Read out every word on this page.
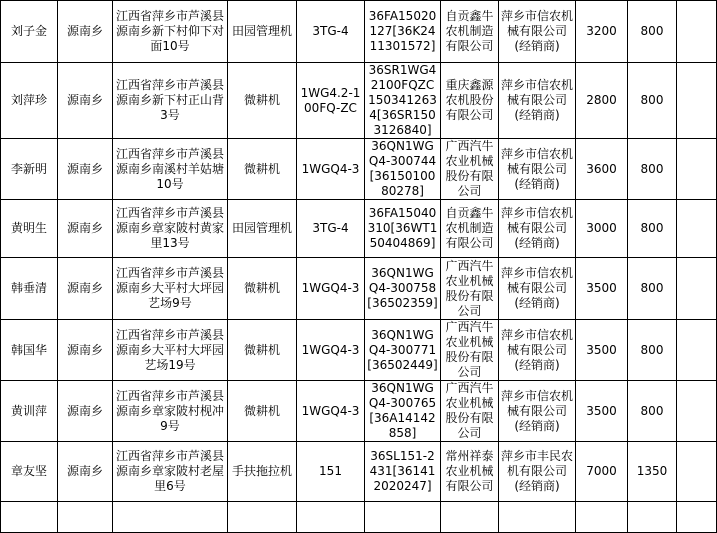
刘子金	源南乡	江西省萍乡市芦溪县源南乡新下村仰下对面10号	田园管理机	3TG-4	36FA15020127[36K2411301572]	自贡鑫牛农机制造有限公司	萍乡市信农机械有限公司(经销商)	3200	800	
刘萍珍	源南乡	江西省萍乡市芦溪县源南乡新下村正山背3号	微耕机	1WG4.2-100FQ-ZC	36SR1WG42100FQZC1503412634[36SR1503126840]	重庆鑫源农机股份有限公司	萍乡市信农机械有限公司(经销商)	2800	800	
李新明	源南乡	江西省萍乡市芦溪县源南乡南溪村羊姑塘10号	微耕机	1WGQ4-3	36QN1WGQ4-300744[3615010080278]	广西汽牛农业机械股份有限公司	萍乡市信农机械有限公司(经销商)	3600	800	
黄明生	源南乡	江西省萍乡市芦溪县源南乡章家陂村黄家里13号	田园管理机	3TG-4	36FA15040310[36WT150404869]	自贡鑫牛农机制造有限公司	萍乡市信农机械有限公司(经销商)	3000	800	
韩垂清	源南乡	江西省萍乡市芦溪县源南乡大平村大坪园艺场9号	微耕机	1WGQ4-3	36QN1WGQ4-300758[36502359]	广西汽牛农业机械股份有限公司	萍乡市信农机械有限公司(经销商)	3500	800	
韩国华	源南乡	江西省萍乡市芦溪县源南乡大平村大坪园艺场19号	微耕机	1WGQ4-3	36QN1WGQ4-300771[36502449]	广西汽牛农业机械股份有限公司	萍乡市信农机械有限公司(经销商)	3500	800	
黄训萍	源南乡	江西省萍乡市芦溪县源南乡章家陂村枧冲9号	微耕机	1WGQ4-3	36QN1WGQ4-300765[36A14142858]	广西汽牛农业机械股份有限公司	萍乡市信农机械有限公司(经销商)	3500	800	
章友坚	源南乡	江西省萍乡市芦溪县源南乡章家陂村老屋里6号	手扶拖拉机	151	36SL151-2431[361412020247]	常州祥泰农业机械有限公司	萍乡市丰民农机有限公司(经销商)	7000	1350	
